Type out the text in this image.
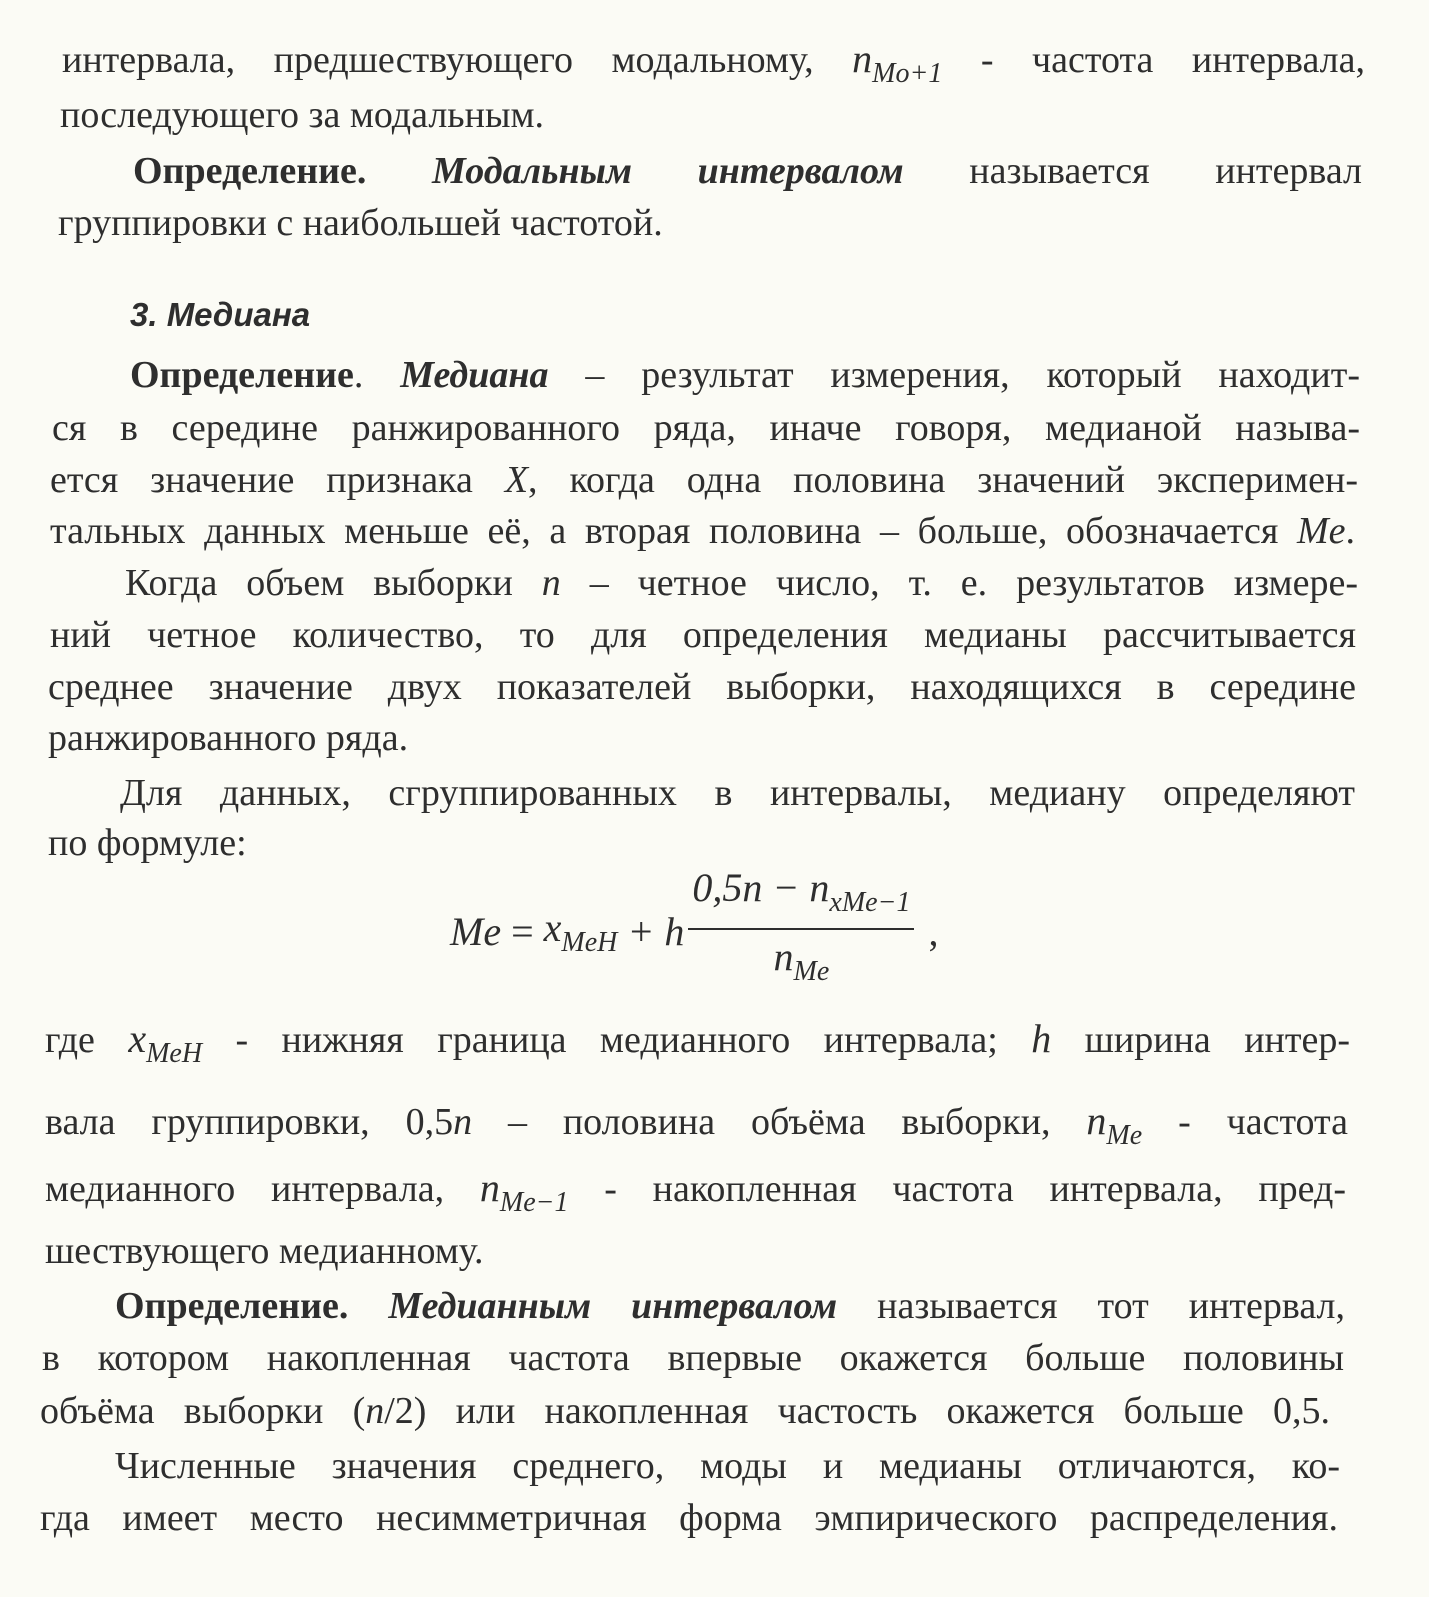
3. Медиана
интервала, предшествующего модальному, $n_{Mo+1}$ - частота интервала,
последующего за модальным.
Определение. Модальным интервалом называется интервал
группировки с наибольшей частотой.
Определение. Медиана – результат измерения, который находит-
ся в середине ранжированного ряда, иначе говоря, медианой называ-
ется значение признака X, когда одна половина значений эксперимен-
тальных данных меньше её, а вторая половина – больше, обозначается Me.
Когда объем выборки n – четное число, т. е. результатов измере-
ний четное количество, то для определения медианы рассчитывается
среднее значение двух показателей выборки, находящихся в середине
ранжированного ряда.
Для данных, сгруппированных в интервалы, медиану определяют
по формуле:
где $x_{MeH}$ - нижняя граница медианного интервала; h ширина интер-
вала группировки, 0,5n – половина объёма выборки, $n_{Me}$ - частота
медианного интервала, $n_{Me-1}$ - накопленная частота интервала, пред-
шествующего медианному.
Определение. Медианным интервалом называется тот интервал,
в котором накопленная частота впервые окажется больше половины
объёма выборки (n/2) или накопленная частость окажется больше 0,5.
Численные значения среднего, моды и медианы отличаются, ко-
гда имеет место несимметричная форма эмпирического распределения.
$Me = x_{MeH} + h \frac{0,5n - n_{xMe-1}}{n_{Me}}$ ,
